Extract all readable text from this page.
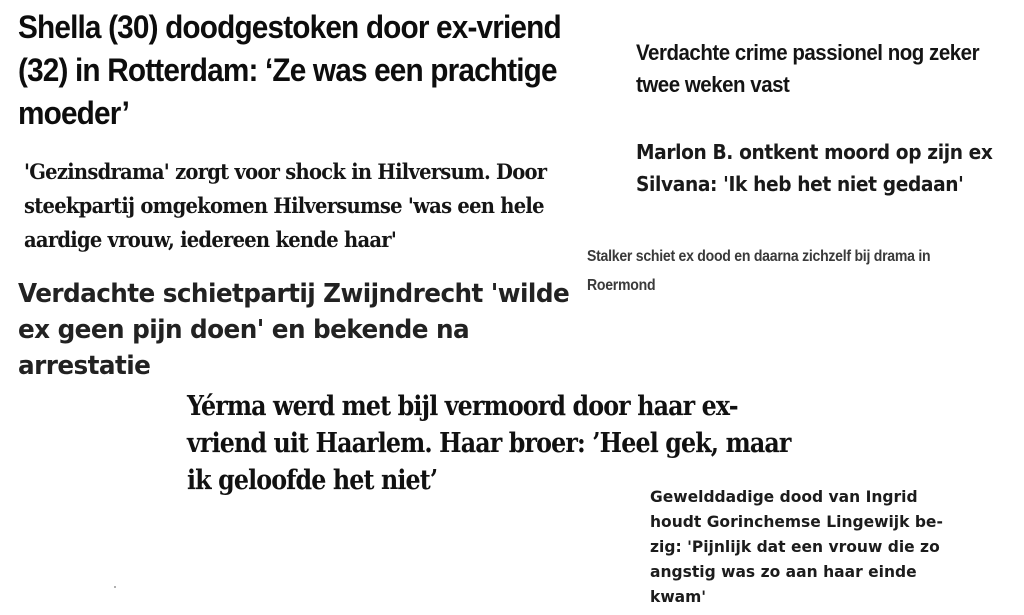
Shella (30) doodgestoken door ex-vriend (32) in Rotterdam: ‘Ze was een prachtige moeder’
Verdachte crime passionel nog zeker twee weken vast
'Gezinsdrama' zorgt voor shock in Hilversum. Door steekpartij omgekomen Hilversumse 'was een hele aardige vrouw, iedereen kende haar'
Marlon B. ontkent moord op zijn ex Silvana: 'Ik heb het niet gedaan'
Stalker schiet ex dood en daarna zichzelf bij drama in Roermond
Verdachte schietpartij Zwijndrecht 'wilde ex geen pijn doen' en bekende na arrestatie
Yérma werd met bijl vermoord door haar ex-vriend uit Haarlem. Haar broer: ’Heel gek, maar ik geloofde het niet’
Gewelddadige dood van Ingrid houdt Gorinchemse Lingewijk be-zig: 'Pijnlijk dat een vrouw die zo angstig was zo aan haar einde kwam'
